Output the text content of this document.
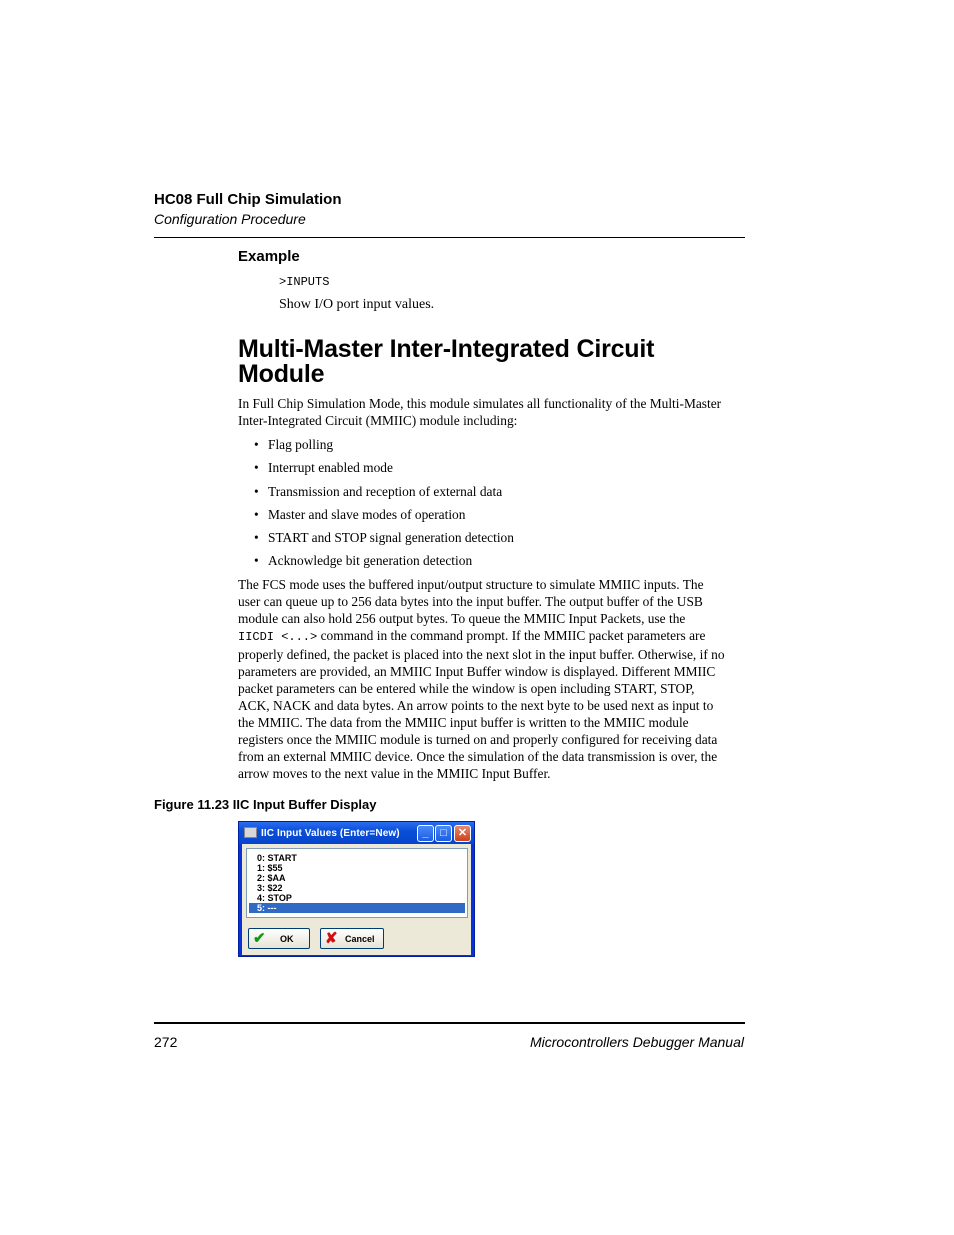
HC08 Full Chip Simulation
Configuration Procedure
Example
>INPUTS
Show I/O port input values.
Multi-Master Inter-Integrated Circuit
Module
In Full Chip Simulation Mode, this module simulates all functionality of the Multi-Master
Inter-Integrated Circuit (MMIIC) module including:
• Flag polling
• Interrupt enabled mode
• Transmission and reception of external data
• Master and slave modes of operation
• START and STOP signal generation detection
• Acknowledge bit generation detection
The FCS mode uses the buffered input/output structure to simulate MMIIC inputs. The
user can queue up to 256 data bytes into the input buffer. The output buffer of the USB
module can also hold 256 output bytes. To queue the MMIIC Input Packets, use the
IICDI <...> command in the command prompt. If the MMIIC packet parameters are
properly defined, the packet is placed into the next slot in the input buffer. Otherwise, if no
parameters are provided, an MMIIC Input Buffer window is displayed. Different MMIIC
packet parameters can be entered while the window is open including START, STOP,
ACK, NACK and data bytes. An arrow points to the next byte to be used next as input to
the MMIIC. The data from the MMIIC input buffer is written to the MMIIC module
registers once the MMIIC module is turned on and properly configured for receiving data
from an external MMIIC device. Once the simulation of the data transmission is over, the
arrow moves to the next value in the MMIIC Input Buffer.
Figure 11.23 IIC Input Buffer Display
IIC Input Values (Enter=New)	_	□	✕
0: START
1: $55
2: $AA
3: $22
4: STOP
5: ---
✔ OK ✘ Cancel
272	Microcontrollers Debugger Manual
